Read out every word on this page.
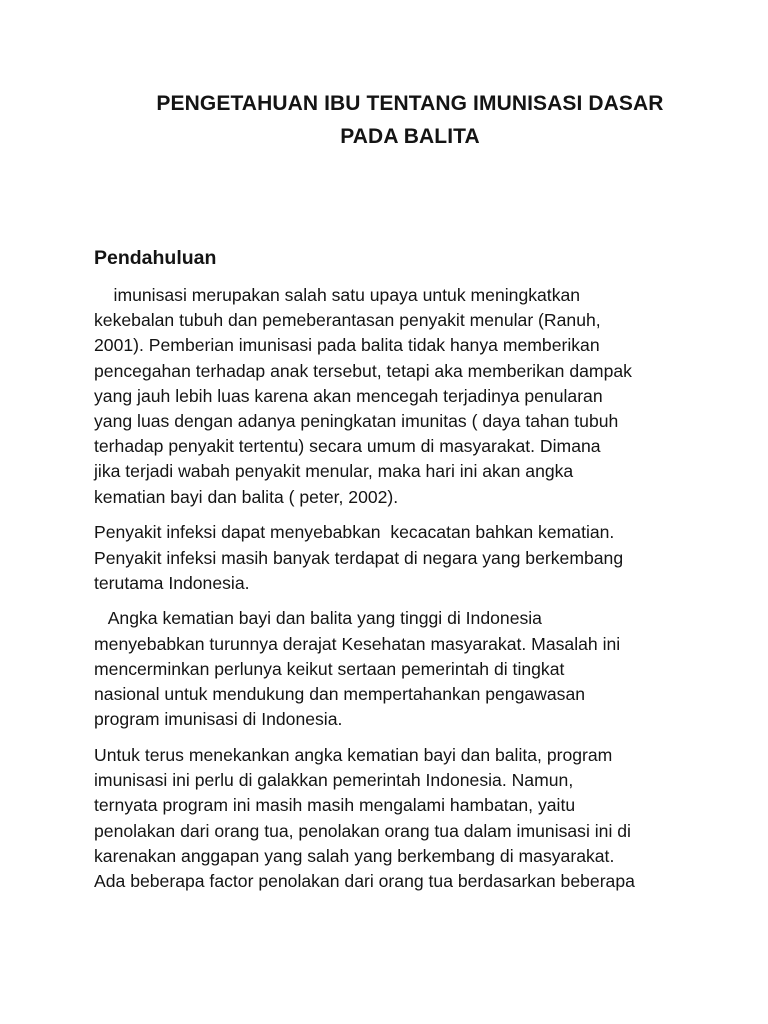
PENGETAHUAN IBU TENTANG IMUNISASI DASAR
PADA BALITA
Pendahuluan
imunisasi merupakan salah satu upaya untuk meningkatkan
kekebalan tubuh dan pemeberantasan penyakit menular (Ranuh,
2001). Pemberian imunisasi pada balita tidak hanya memberikan
pencegahan terhadap anak tersebut, tetapi aka memberikan dampak
yang jauh lebih luas karena akan mencegah terjadinya penularan
yang luas dengan adanya peningkatan imunitas ( daya tahan tubuh
terhadap penyakit tertentu) secara umum di masyarakat. Dimana
jika terjadi wabah penyakit menular, maka hari ini akan angka
kematian bayi dan balita ( peter, 2002).
Penyakit infeksi dapat menyebabkan  kecacatan bahkan kematian.
Penyakit infeksi masih banyak terdapat di negara yang berkembang
terutama Indonesia.
Angka kematian bayi dan balita yang tinggi di Indonesia
menyebabkan turunnya derajat Kesehatan masyarakat. Masalah ini
mencerminkan perlunya keikut sertaan pemerintah di tingkat
nasional untuk mendukung dan mempertahankan pengawasan
program imunisasi di Indonesia.
Untuk terus menekankan angka kematian bayi dan balita, program
imunisasi ini perlu di galakkan pemerintah Indonesia. Namun,
ternyata program ini masih masih mengalami hambatan, yaitu
penolakan dari orang tua, penolakan orang tua dalam imunisasi ini di
karenakan anggapan yang salah yang berkembang di masyarakat.
Ada beberapa factor penolakan dari orang tua berdasarkan beberapa
